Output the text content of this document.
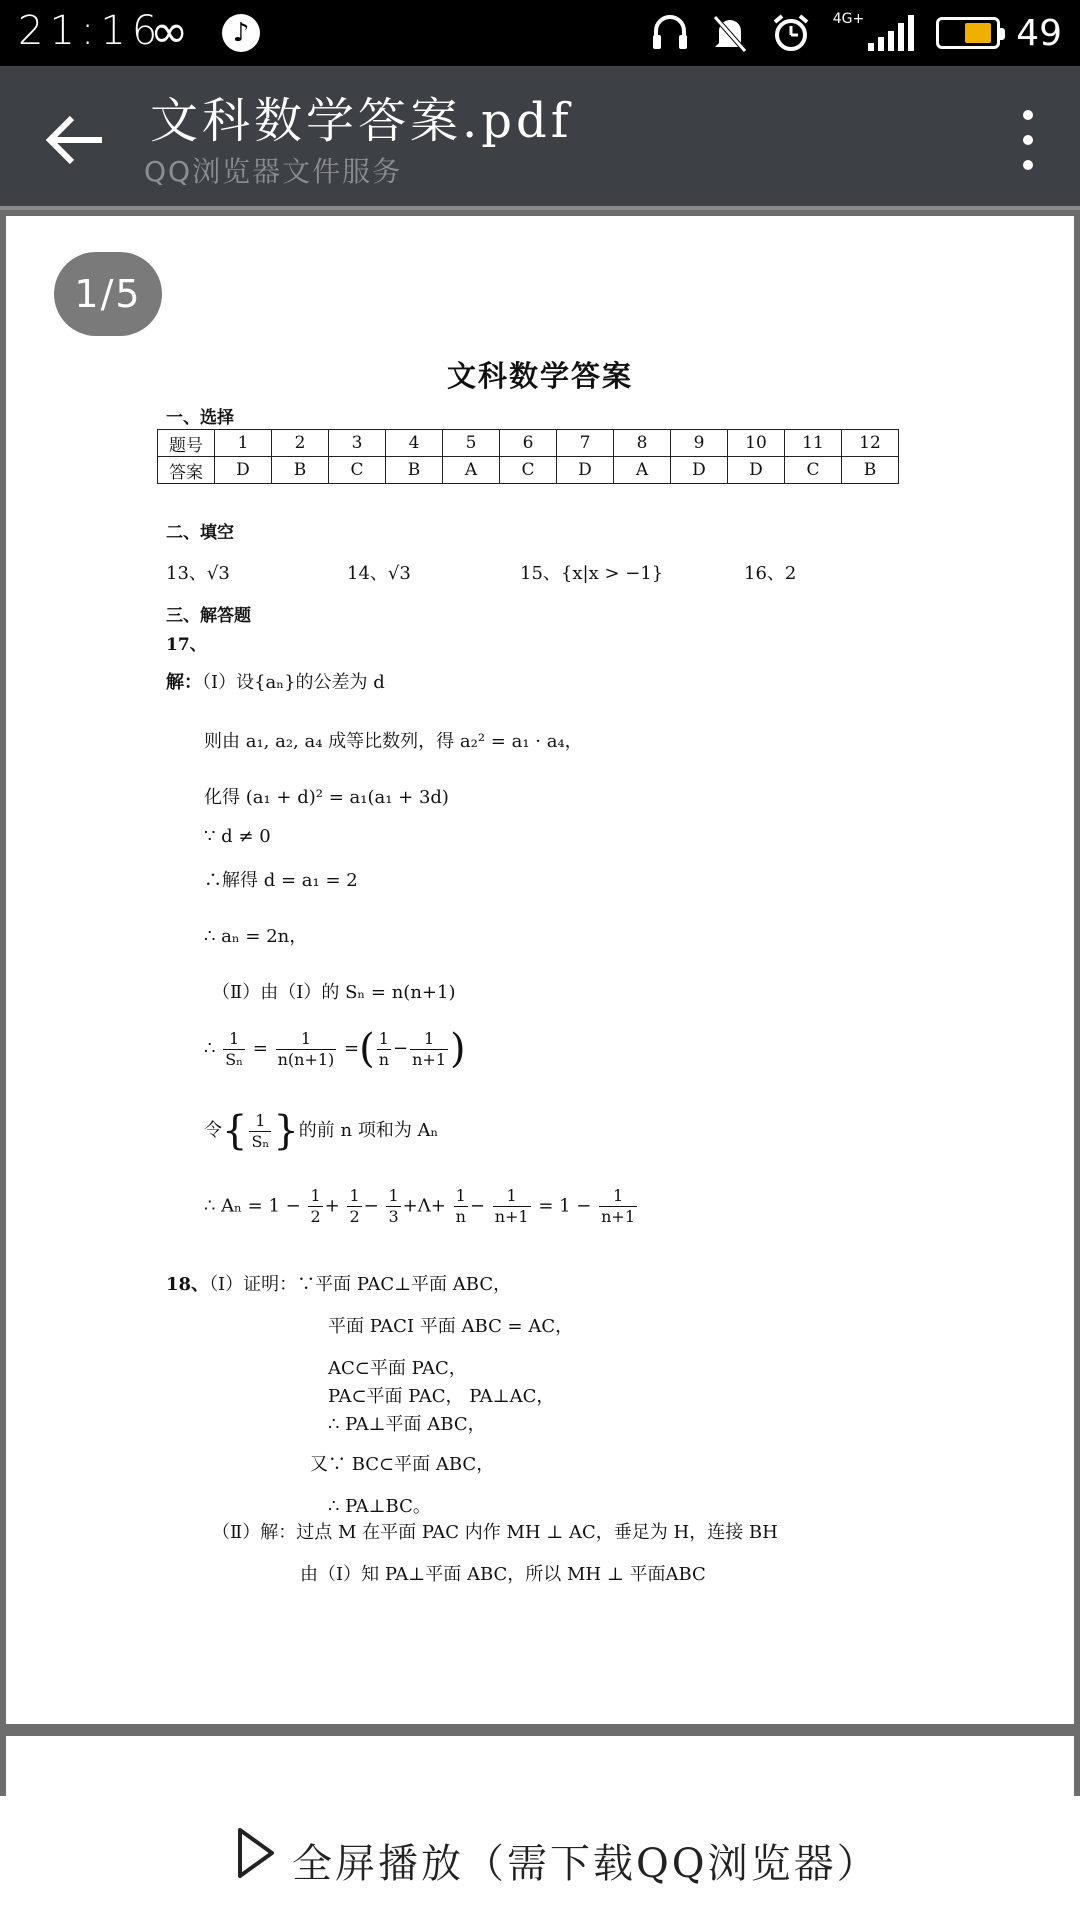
21:16
∞	♪	4G+	49
文科数学答案.pdf
QQ浏览器文件服务
文科数学答案
一、选择
题号	1	2	3	4	5	6	7	8	9	10	11	12
答案	D	B	C	B	A	C	D	A	D	D	C	B
二、填空
13、√3	14、√3	15、{x|x > −1}	16、2
三、解答题
17、
解：（Ⅰ）设{aₙ}的公差为 d
则由 a₁, a₂, a₄ 成等比数列，得 a₂² = a₁ · a₄，
化得 (a₁ + d)² = a₁(a₁ + 3d)
∵ d ≠ 0
∴解得 d = a₁ = 2
∴ aₙ = 2n，
（Ⅱ）由（Ⅰ）的 Sₙ = n(n+1)
∴ $\frac{1}{\text{Sₙ}} = \frac{1}{n(n+1)}$ =( $\frac{1}{n} - \frac{1}{n+1}$ )
令{ $\frac{1}{\text{Sₙ}}$ }的前 n 项和为 Aₙ
∴ $A_n = 1 - \frac{1}{2} + \frac{1}{2} - \frac{1}{3} +\Lambda+ \frac{1}{n} - \frac{1}{n+1} = 1 - \frac{1}{n+1}$
18、（Ⅰ）证明：∵平面 PAC⊥平面 ABC，
平面 PACI 平面 ABC = AC，
AC⊂平面 PAC，
PA⊂平面 PAC， PA⊥AC，
∴ PA⊥平面 ABC，
又∵ BC⊂平面 ABC，
∴ PA⊥BC。
（Ⅱ）解：过点 M 在平面 PAC 内作 MH ⊥ AC，垂足为 H，连接 BH
由（Ⅰ）知 PA⊥平面 ABC，所以 MH ⊥ 平面ABC
1/5
全屏播放（需下载QQ浏览器）
